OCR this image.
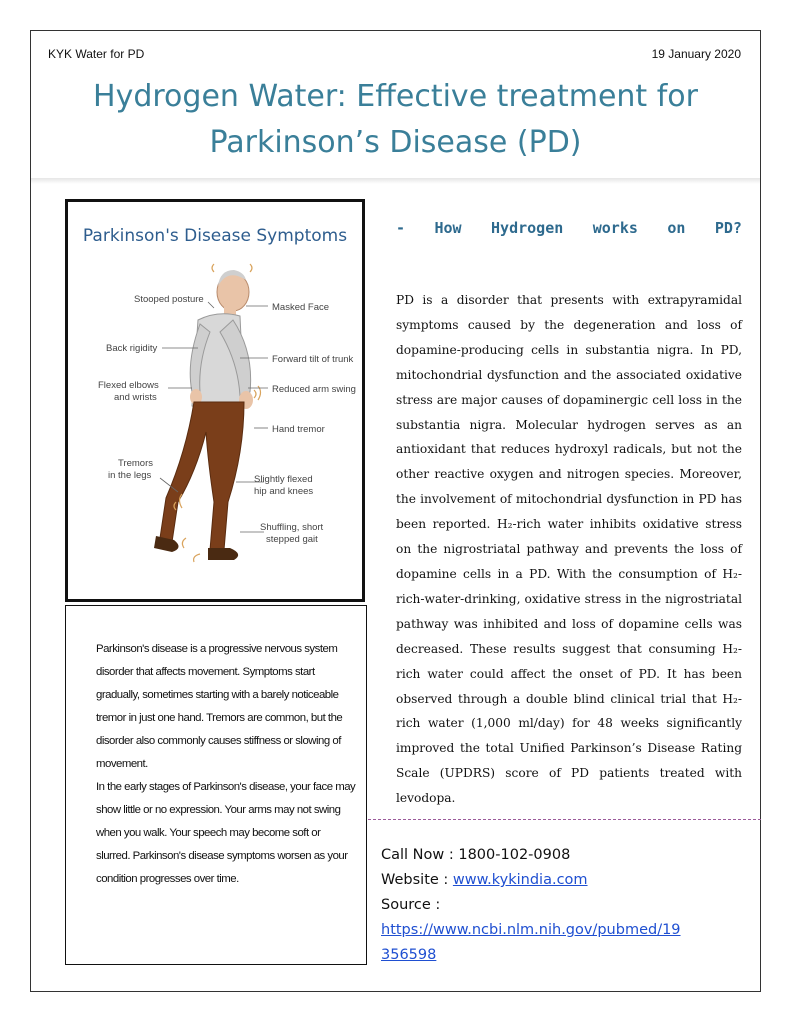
KYK Water for PD	19 January 2020
Hydrogen Water: Effective treatment for
Parkinson’s Disease (PD)
Parkinson's Disease Symptoms
Stooped posture
Masked Face
Back rigidity
Forward tilt of trunk
Flexed elbows
and wrists
Reduced arm swing
Hand tremor
Tremors
in the legs	Slightly flexed
hip and knees
Shuffling, short
stepped gait

Parkinson's disease is a progressive nervous system disorder that affects movement. Symptoms start gradually, sometimes starting with a barely noticeable tremor in just one hand. Tremors are common, but the disorder also commonly causes stiffness or slowing of movement.

In the early stages of Parkinson's disease, your face may show little or no expression. Your arms may not swing when you walk. Your speech may become soft or slurred. Parkinson's disease symptoms worsen as your condition progresses over time.

- How Hydrogen works on PD?
PD is a disorder that presents with extrapyramidal symptoms caused by the degeneration and loss of dopamine-producing cells in substantia nigra. In PD, mitochondrial dysfunction and the associated oxidative stress are major causes of dopaminergic cell loss in the substantia nigra. Molecular hydrogen serves as an antioxidant that reduces hydroxyl radicals, but not the other reactive oxygen and nitrogen species. Moreover, the involvement of mitochondrial dysfunction in PD has been reported. H₂-rich water inhibits oxidative stress on the nigrostriatal pathway and prevents the loss of dopamine cells in a PD. With the consumption of H₂-rich-water-drinking, oxidative stress in the nigrostriatal pathway was inhibited and loss of dopamine cells was decreased. These results suggest that consuming H₂-rich water could affect the onset of PD. It has been observed through a double blind clinical trial that H₂-rich water (1,000 ml/day) for 48 weeks significantly improved the total Unified Parkinson’s Disease Rating Scale (UPDRS) score of PD patients treated with levodopa.
Call Now : 1800-102-0908
Website : www.kykindia.com
Source :
https://www.ncbi.nlm.nih.gov/pubmed/19
356598
